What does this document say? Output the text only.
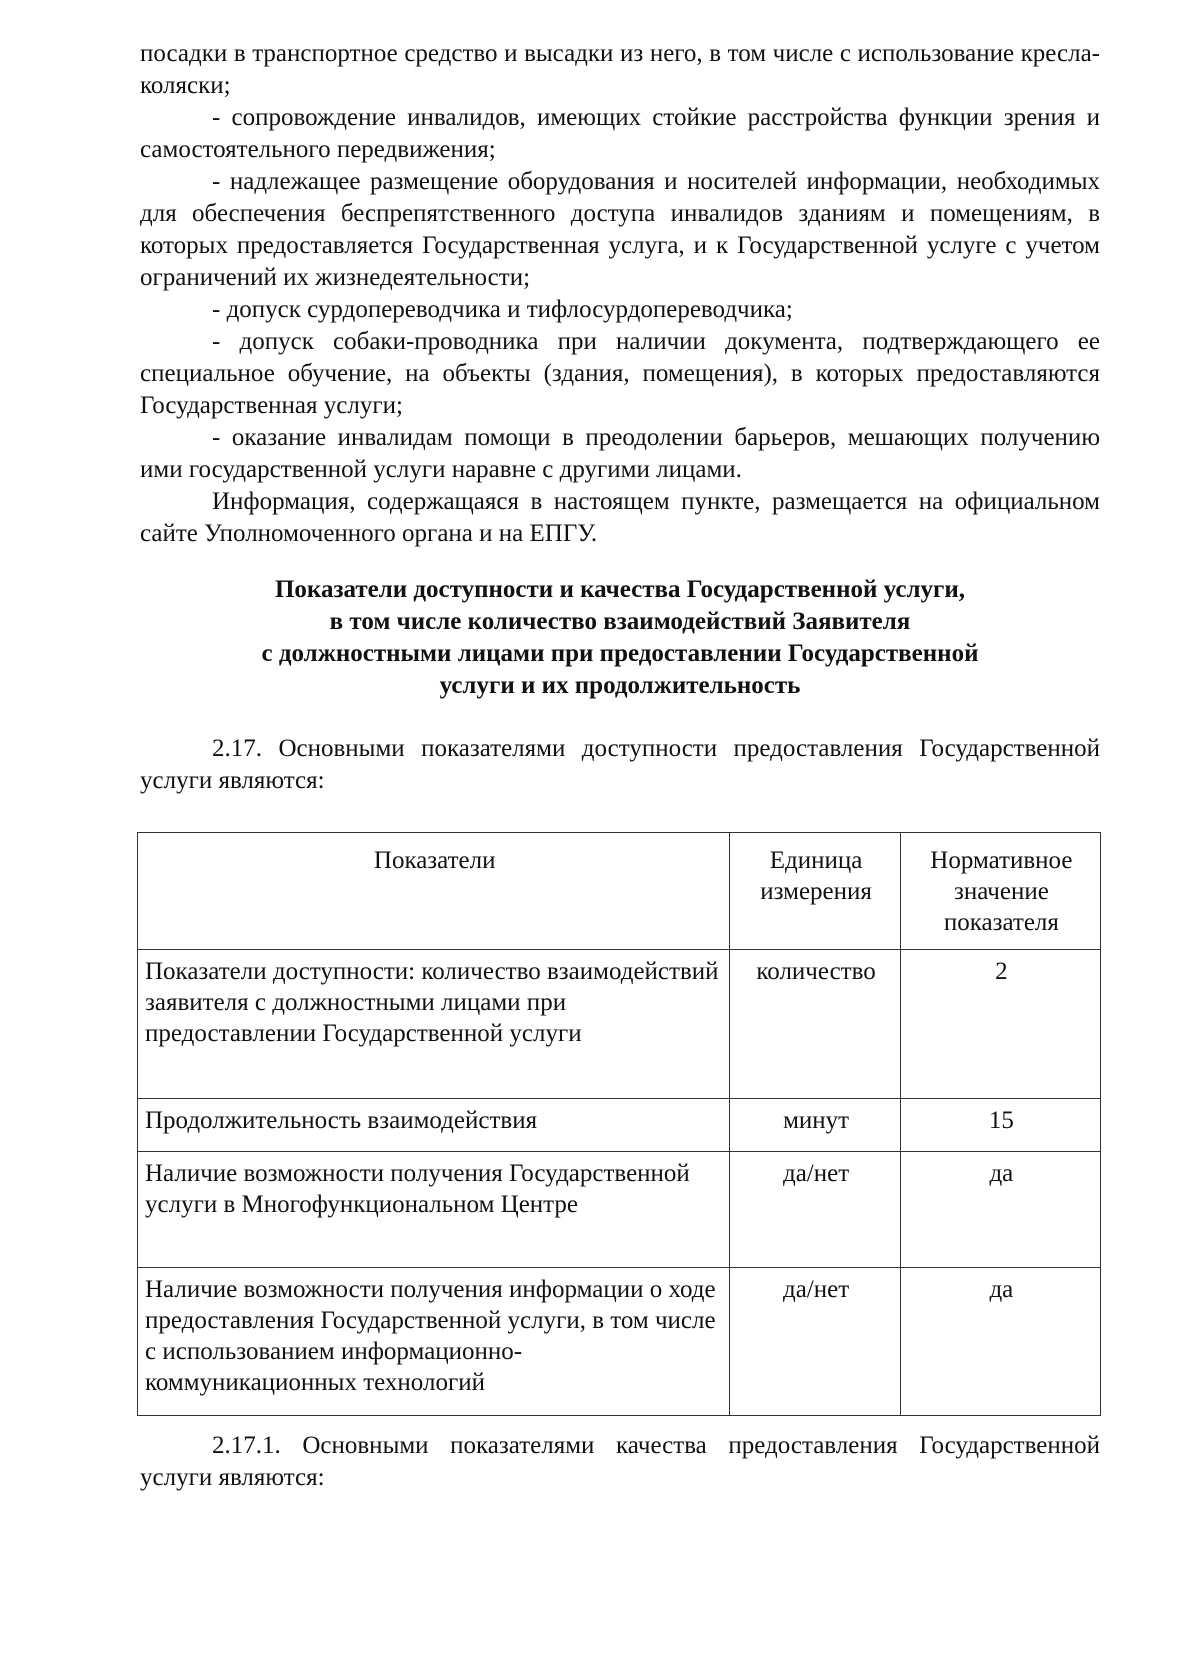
посадки в транспортное средство и высадки из него, в том числе с использование кресла-коляски;

- сопровождение инвалидов, имеющих стойкие расстройства функции зрения и самостоятельного передвижения;

- надлежащее размещение оборудования и носителей информации, необходимых для обеспечения беспрепятственного доступа инвалидов зданиям и помещениям, в которых предоставляется Государственная услуга, и к Государственной услуге с учетом ограничений их жизнедеятельности;

- допуск сурдопереводчика и тифлосурдопереводчика;

- допуск собаки-проводника при наличии документа, подтверждающего ее специальное обучение, на объекты (здания, помещения), в которых предоставляются Государственная услуги;

- оказание инвалидам помощи в преодолении барьеров, мешающих получению ими государственной услуги наравне с другими лицами.

Информация, содержащаяся в настоящем пункте, размещается на официальном сайте Уполномоченного органа и на ЕПГУ.

Показатели доступности и качества Государственной услуги,
в том числе количество взаимодействий Заявителя
с должностными лицами при предоставлении Государственной
услуги и их продолжительность

2.17. Основными показателями доступности предоставления Государственной услуги являются:

Показатели	Единица измерения	Нормативное значение показателя
Показатели доступности: количество взаимодействий заявителя с должностными лицами при предоставлении Государственной услуги	количество	2
Продолжительность взаимодействия	минут	15
Наличие возможности получения Государственной услуги в Многофункциональном Центре	да/нет	да
Наличие возможности получения информации о ходе предоставления Государственной услуги, в том числе с использованием информационно-коммуникационных технологий	да/нет	да

2.17.1. Основными показателями качества предоставления Государственной услуги являются:
